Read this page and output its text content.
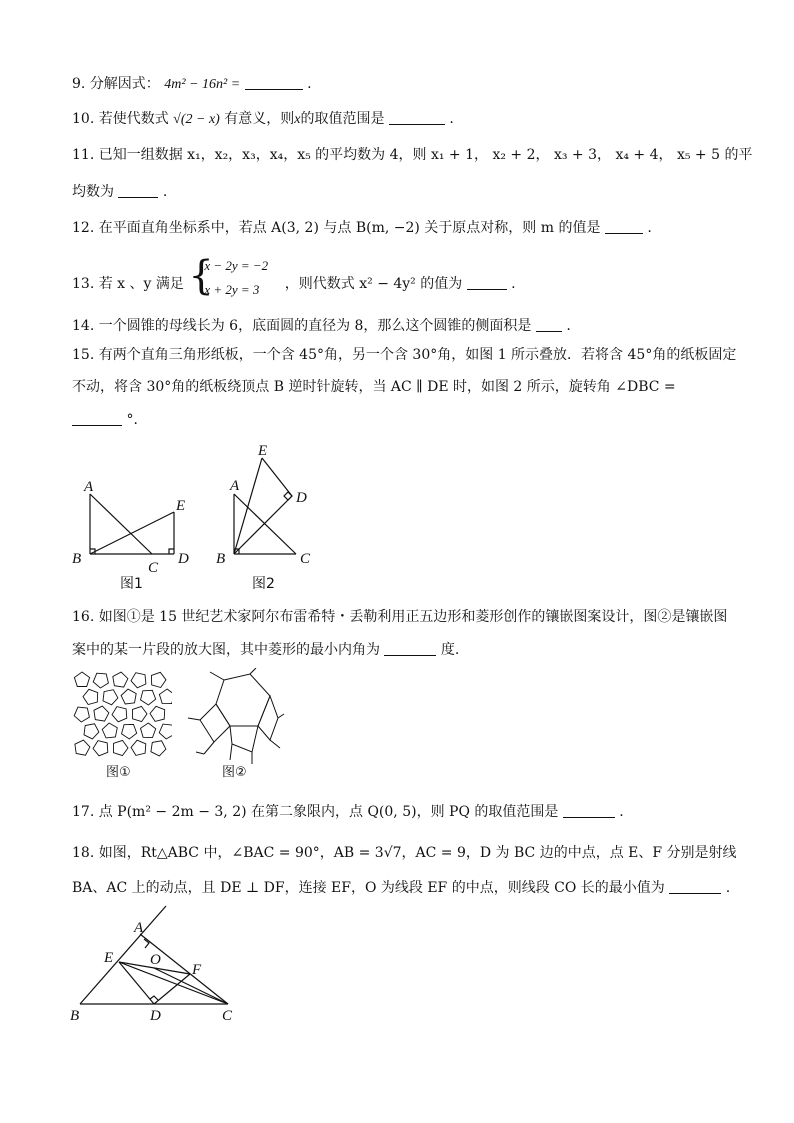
9. 分解因式： 4m² − 16n² =	.
10. 若使代数式 √(2 − x) 有意义，则x的取值范围是	.
11. 已知一组数据 x₁，x₂，x₃，x₄，x₅ 的平均数为 4，则 x₁ + 1， x₂ + 2， x₃ + 3， x₄ + 4， x₅ + 5 的平
均数为	.
12. 在平面直角坐标系中，若点 A(3, 2) 与点 B(m, −2) 关于原点对称，则 m 的值是	.
13. 若 x 、y 满足 {
x − 2y = −2
x + 2y = 3 ，则代数式 x² − 4y² 的值为	.
14. 一个圆锥的母线长为 6，底面圆的直径为 8，那么这个圆锥的侧面积是 .
15. 有两个直角三角形纸板，一个含 45°角，另一个含 30°角，如图 1 所示叠放．若将含 45°角的纸板固定
不动，将含 30°角的纸板绕顶点 B 逆时针旋转，当 AC ∥ DE 时，如图 2 所示，旋转角 ∠DBC =
°．
A
B
C
D
E
图1
A
B	C
D
E
图2
16. 如图①是 15 世纪艺术家阿尔布雷希特・丢勒利用正五边形和菱形创作的镶嵌图案设计，图②是镶嵌图
案中的某一片段的放大图，其中菱形的最小内角为	度.
图①	图②
17. 点 P(m² − 2m − 3, 2) 在第二象限内，点 Q(0, 5)，则 PQ 的取值范围是	.
18. 如图，Rt△ABC 中，∠BAC = 90°，AB = 3√7，AC = 9，D 为 BC 边的中点，点 E、F 分别是射线
BA、AC 上的动点，且 DE ⊥ DF，连接 EF，O 为线段 EF 的中点，则线段 CO 长的最小值为	.
A
B	C
D
E
F
O
